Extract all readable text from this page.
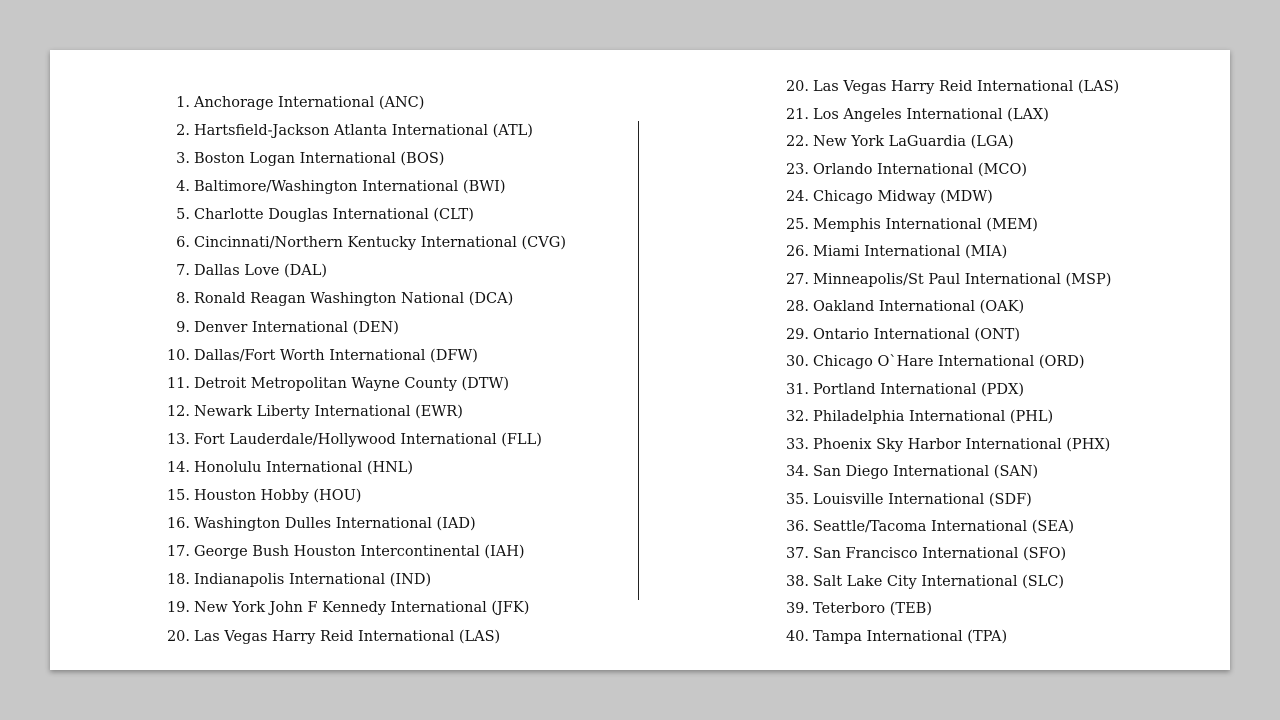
1. Anchorage International (ANC)
2. Hartsfield-Jackson Atlanta International (ATL)
3. Boston Logan International (BOS)
4. Baltimore/Washington International (BWI)
5. Charlotte Douglas International (CLT)
6. Cincinnati/Northern Kentucky International (CVG)
7. Dallas Love (DAL)
8. Ronald Reagan Washington National (DCA)
9. Denver International (DEN)
10. Dallas/Fort Worth International (DFW)
11. Detroit Metropolitan Wayne County (DTW)
12. Newark Liberty International (EWR)
13. Fort Lauderdale/Hollywood International (FLL)
14. Honolulu International (HNL)
15. Houston Hobby (HOU)
16. Washington Dulles International (IAD)
17. George Bush Houston Intercontinental (IAH)
18. Indianapolis International (IND)
19. New York John F Kennedy International (JFK)
20. Las Vegas Harry Reid International (LAS)
20. Las Vegas Harry Reid International (LAS)
21. Los Angeles International (LAX)
22. New York LaGuardia (LGA)
23. Orlando International (MCO)
24. Chicago Midway (MDW)
25. Memphis International (MEM)
26. Miami International (MIA)
27. Minneapolis/St Paul International (MSP)
28. Oakland International (OAK)
29. Ontario International (ONT)
30. Chicago O`Hare International (ORD)
31. Portland International (PDX)
32. Philadelphia International (PHL)
33. Phoenix Sky Harbor International (PHX)
34. San Diego International (SAN)
35. Louisville International (SDF)
36. Seattle/Tacoma International (SEA)
37. San Francisco International (SFO)
38. Salt Lake City International (SLC)
39. Teterboro (TEB)
40. Tampa International (TPA)
